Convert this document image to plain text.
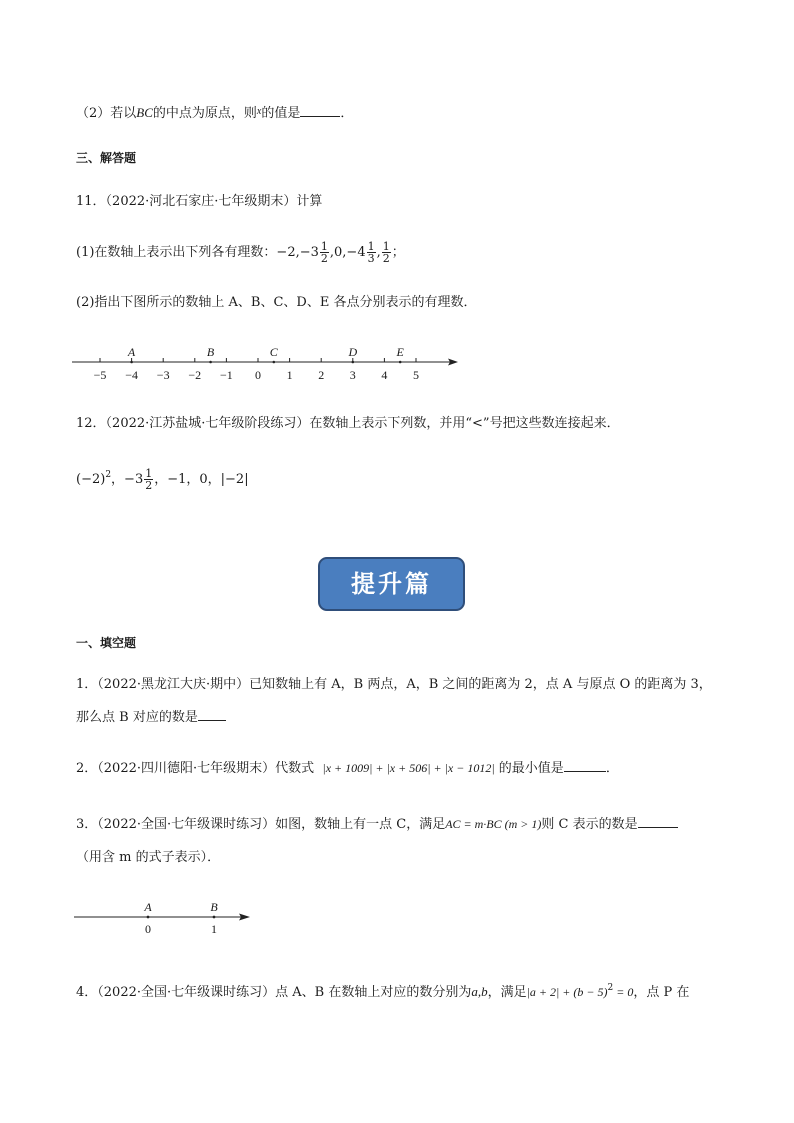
（2）若以BC的中点为原点，则$^x$的值是	．
三、解答题
11．（2022·河北石家庄·七年级期末）计算
(1)在数轴上表示出下列各有理数：$-2,-3 \frac{1}{2} ,0,-4 \frac{1}{3}$ , $\frac{1}{2}$ ；
(2)指出下图所示的数轴上 A、B、C、D、E 各点分别表示的有理数．
−5 −4 −3 −2 −1 0 1 2 3 4 5
A	B	C	D	E
12．（2022·江苏盐城·七年级阶段练习）在数轴上表示下列数，并用“<”号把这些数连接起来．
$(-2)^2$，$-3 \frac{1}{2}$ ，−1，0，|−2|
提升篇
一、填空题
1．（2022·黑龙江大庆·期中）已知数轴上有 A，B 两点，A，B 之间的距离为 2，点 A 与原点 O 的距离为 3，
那么点 B 对应的数是
2．（2022·四川德阳·七年级期末）代数式 |x + 1009| + |x + 506| + |x − 1012| 的最小值是	．
3．（2022·全国·七年级课时练习）如图，数轴上有一点 C，满足AC = m·BC (m > 1)则 C 表示的数是
（用含 m 的式子表示）．
A
0
B
1
4．（2022·全国·七年级课时练习）点 A、B 在数轴上对应的数分别为a,b，满足$|a + 2| + (b - 5)^2 = 0$，点 P 在
